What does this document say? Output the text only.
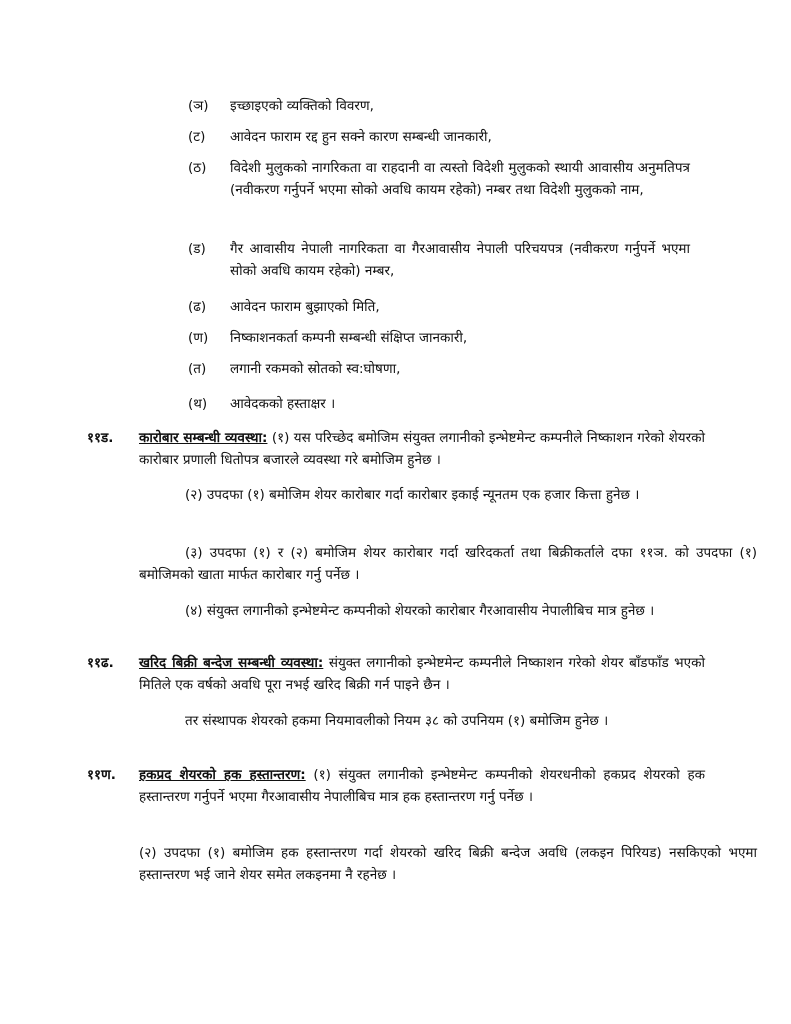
(ञ) इच्छाइएको व्यक्तिको विवरण,
(ट) आवेदन फाराम रद्द हुन सक्ने कारण सम्बन्धी जानकारी,
(ठ) विदेशी मुलुकको नागरिकता वा राहदानी वा त्यस्तो विदेशी मुलुकको स्थायी आवासीय अनुमतिपत्र (नवीकरण गर्नुपर्ने भएमा सोको अवधि कायम रहेको) नम्बर तथा विदेशी मुलुकको नाम,
(ड) गैर आवासीय नेपाली नागरिकता वा गैरआवासीय नेपाली परिचयपत्र (नवीकरण गर्नुपर्ने भएमा सोको अवधि कायम रहेको) नम्बर,
(ढ) आवेदन फाराम बुझाएको मिति,
(ण) निष्काशनकर्ता कम्पनी सम्बन्धी संक्षिप्त जानकारी,
(त) लगानी रकमको स्रोतको स्व:घोषणा,
(थ) आवेदकको हस्ताक्षर ।
११ड. कारोबार सम्बन्धी व्यवस्था: (१) यस परिच्छेद बमोजिम संयुक्त लगानीको इन्भेष्टमेन्ट कम्पनीले निष्काशन गरेको शेयरको कारोबार प्रणाली धितोपत्र बजारले व्यवस्था गरे बमोजिम हुनेछ ।
(२) उपदफा (१) बमोजिम शेयर कारोबार गर्दा कारोबार इकाई न्यूनतम एक हजार कित्ता हुनेछ ।
(३) उपदफा (१) र (२) बमोजिम शेयर कारोबार गर्दा खरिदकर्ता तथा बिक्रीकर्ताले दफा ११ञ. को उपदफा (१) बमोजिमको खाता मार्फत कारोबार गर्नु पर्नेछ ।
(४) संयुक्त लगानीको इन्भेष्टमेन्ट कम्पनीको शेयरको कारोबार गैरआवासीय नेपालीबिच मात्र हुनेछ ।
११ढ. खरिद बिक्री बन्देज सम्बन्धी व्यवस्था: संयुक्त लगानीको इन्भेष्टमेन्ट कम्पनीले निष्काशन गरेको शेयर बाँडफाँड भएको मितिले एक वर्षको अवधि पूरा नभई खरिद बिक्री गर्न पाइने छैन ।
तर संस्थापक शेयरको हकमा नियमावलीको नियम ३८ को उपनियम (१) बमोजिम हुनेछ ।
११ण. हकप्रद शेयरको हक हस्तान्तरण: (१) संयुक्त लगानीको इन्भेष्टमेन्ट कम्पनीको शेयरधनीको हकप्रद शेयरको हक हस्तान्तरण गर्नुपर्ने भएमा गैरआवासीय नेपालीबिच मात्र हक हस्तान्तरण गर्नु पर्नेछ ।
(२) उपदफा (१) बमोजिम हक हस्तान्तरण गर्दा शेयरको खरिद बिक्री बन्देज अवधि (लकइन पिरियड) नसकिएको भएमा हस्तान्तरण भई जाने शेयर समेत लकइनमा नै रहनेछ ।
